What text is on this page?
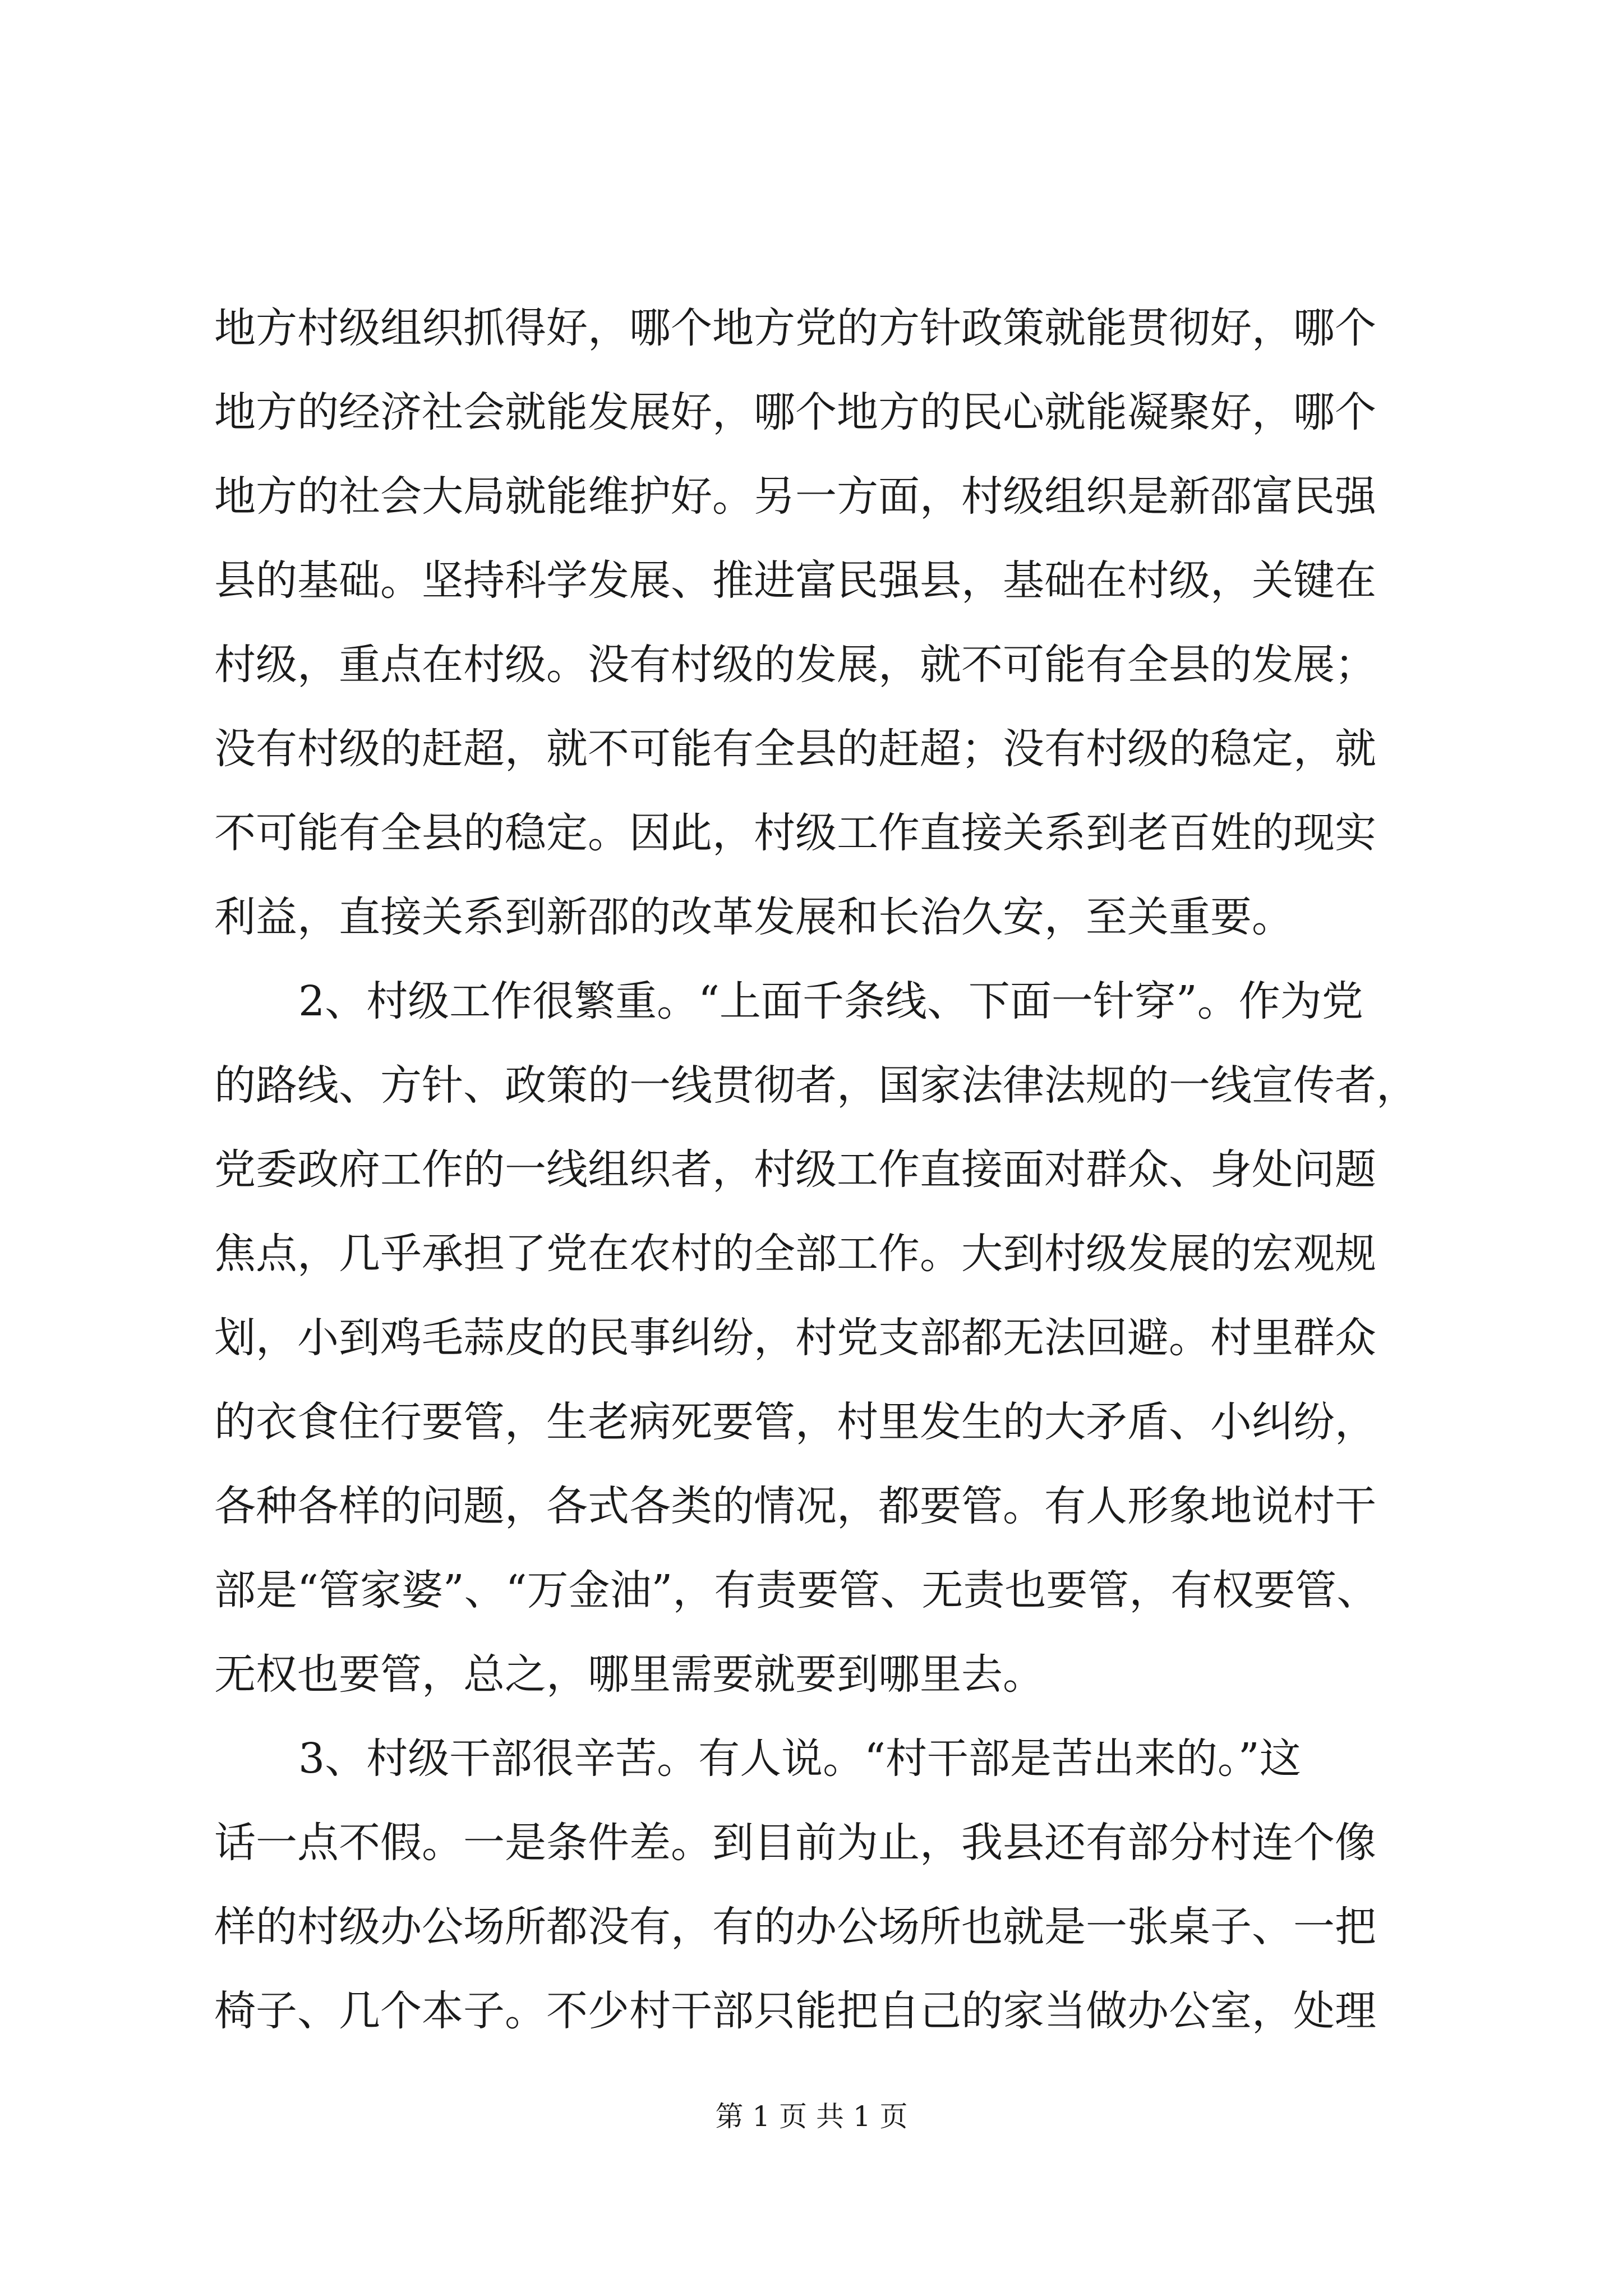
地方村级组织抓得好，哪个地方党的方针政策就能贯彻好，哪个
地方的经济社会就能发展好，哪个地方的民心就能凝聚好，哪个
地方的社会大局就能维护好。另一方面，村级组织是新邵富民强
县的基础。坚持科学发展、推进富民强县，基础在村级，关键在
村级，重点在村级。没有村级的发展，就不可能有全县的发展；
没有村级的赶超，就不可能有全县的赶超；没有村级的稳定，就
不可能有全县的稳定。因此，村级工作直接关系到老百姓的现实
利益，直接关系到新邵的改革发展和长治久安，至关重要。
2、村级工作很繁重。“上面千条线、下面一针穿”。作为党
的路线、方针、政策的一线贯彻者，国家法律法规的一线宣传者，
党委政府工作的一线组织者，村级工作直接面对群众、身处问题
焦点，几乎承担了党在农村的全部工作。大到村级发展的宏观规
划，小到鸡毛蒜皮的民事纠纷，村党支部都无法回避。村里群众
的衣食住行要管，生老病死要管，村里发生的大矛盾、小纠纷，
各种各样的问题，各式各类的情况，都要管。有人形象地说村干
部是“管家婆”、“万金油”，有责要管、无责也要管，有权要管、
无权也要管，总之，哪里需要就要到哪里去。
3、村级干部很辛苦。有人说。“村干部是苦出来的。”这
话一点不假。一是条件差。到目前为止，我县还有部分村连个像
样的村级办公场所都没有，有的办公场所也就是一张桌子、一把
椅子、几个本子。不少村干部只能把自己的家当做办公室，处理
第 1 页 共 1 页
